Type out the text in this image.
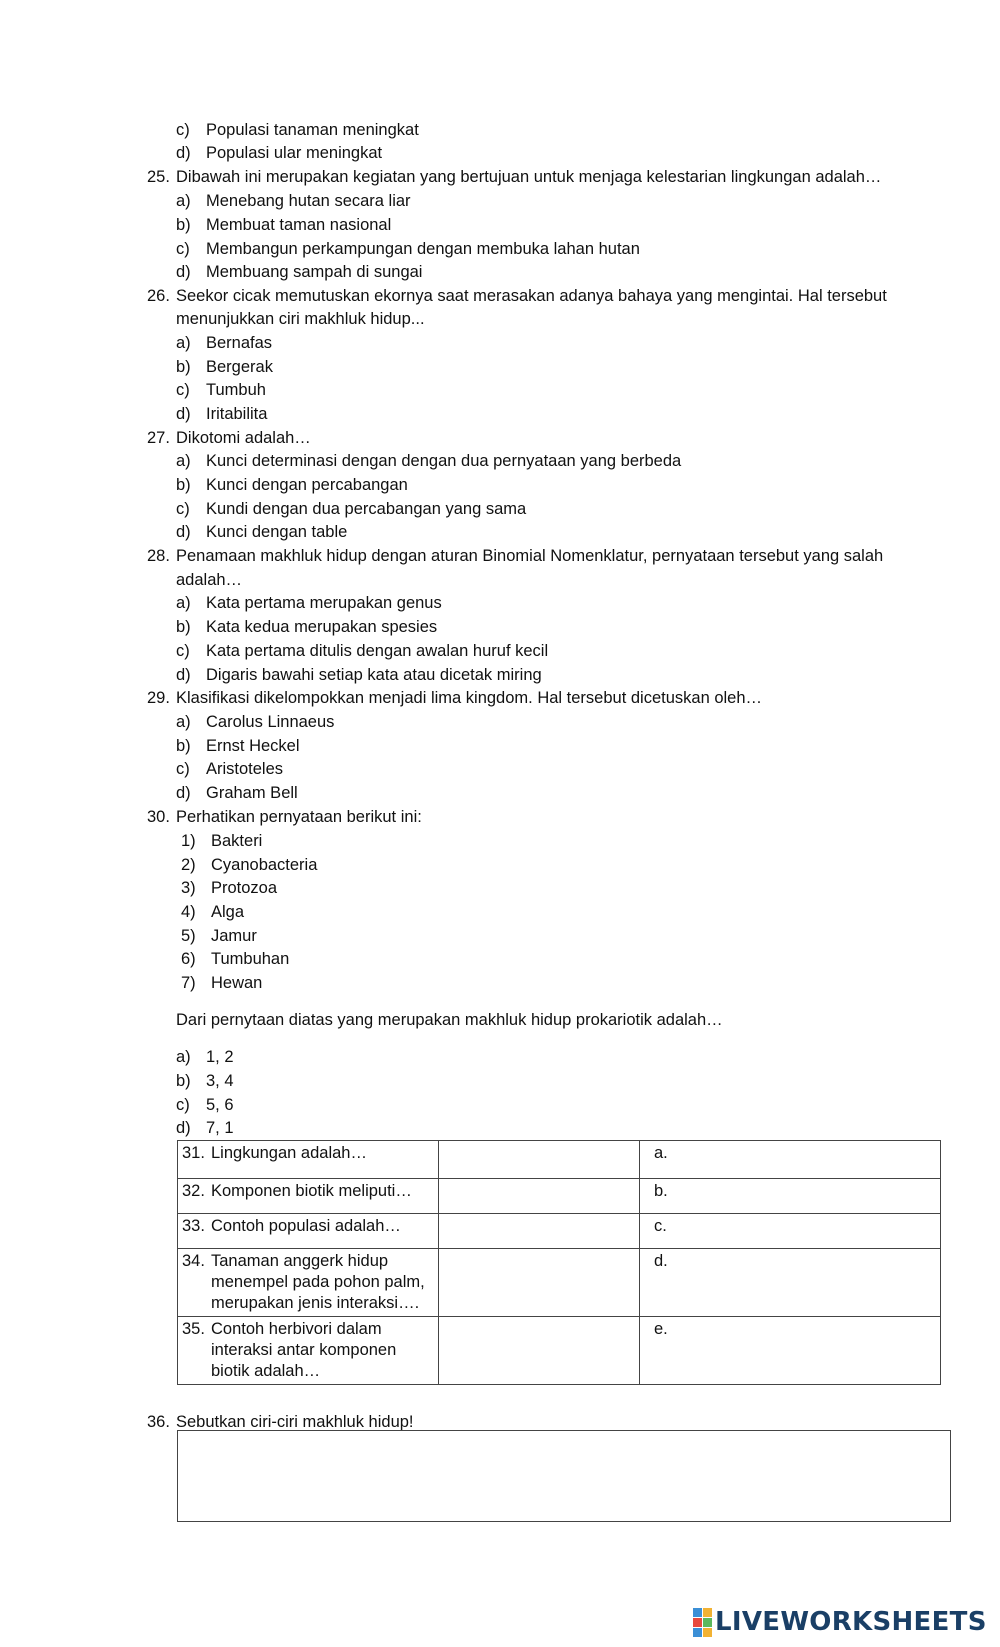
c) Populasi tanaman meningkat
d) Populasi ular meningkat
25. Dibawah ini merupakan kegiatan yang bertujuan untuk menjaga kelestarian lingkungan adalah…
a) Menebang hutan secara liar
b) Membuat taman nasional
c) Membangun perkampungan dengan membuka lahan hutan
d) Membuang sampah di sungai
26. Seekor cicak memutuskan ekornya saat merasakan adanya bahaya yang mengintai. Hal tersebut
menunjukkan ciri makhluk hidup...
a) Bernafas
b) Bergerak
c) Tumbuh
d) Iritabilita
27. Dikotomi adalah…
a) Kunci determinasi dengan dengan dua pernyataan yang berbeda
b) Kunci dengan percabangan
c) Kundi dengan dua percabangan yang sama
d) Kunci dengan table
28. Penamaan makhluk hidup dengan aturan Binomial Nomenklatur, pernyataan tersebut yang salah
adalah…
a) Kata pertama merupakan genus
b) Kata kedua merupakan spesies
c) Kata pertama ditulis dengan awalan huruf kecil
d) Digaris bawahi setiap kata atau dicetak miring
29. Klasifikasi dikelompokkan menjadi lima kingdom. Hal tersebut dicetuskan oleh…
a) Carolus Linnaeus
b) Ernst Heckel
c) Aristoteles
d) Graham Bell
30. Perhatikan pernyataan berikut ini:
1) Bakteri
2) Cyanobacteria
3) Protozoa
4) Alga
5) Jamur
6) Tumbuhan
7) Hewan
Dari pernytaan diatas yang merupakan makhluk hidup prokariotik adalah…
a) 1, 2
b) 3, 4
c) 5, 6
d) 7, 1
31. Lingkungan adalah…		a.

32. Komponen biotik meliputi…		b.

33. Contoh populasi adalah…		c.

34. Tanaman anggerk hidup menempel pada pohon palm, merupakan jenis interaksi….		d.

35. Contoh herbivori dalam interaksi antar komponen biotik adalah…		e.
36. Sebutkan ciri-ciri makhluk hidup!
LIVEWORKSHEETS
